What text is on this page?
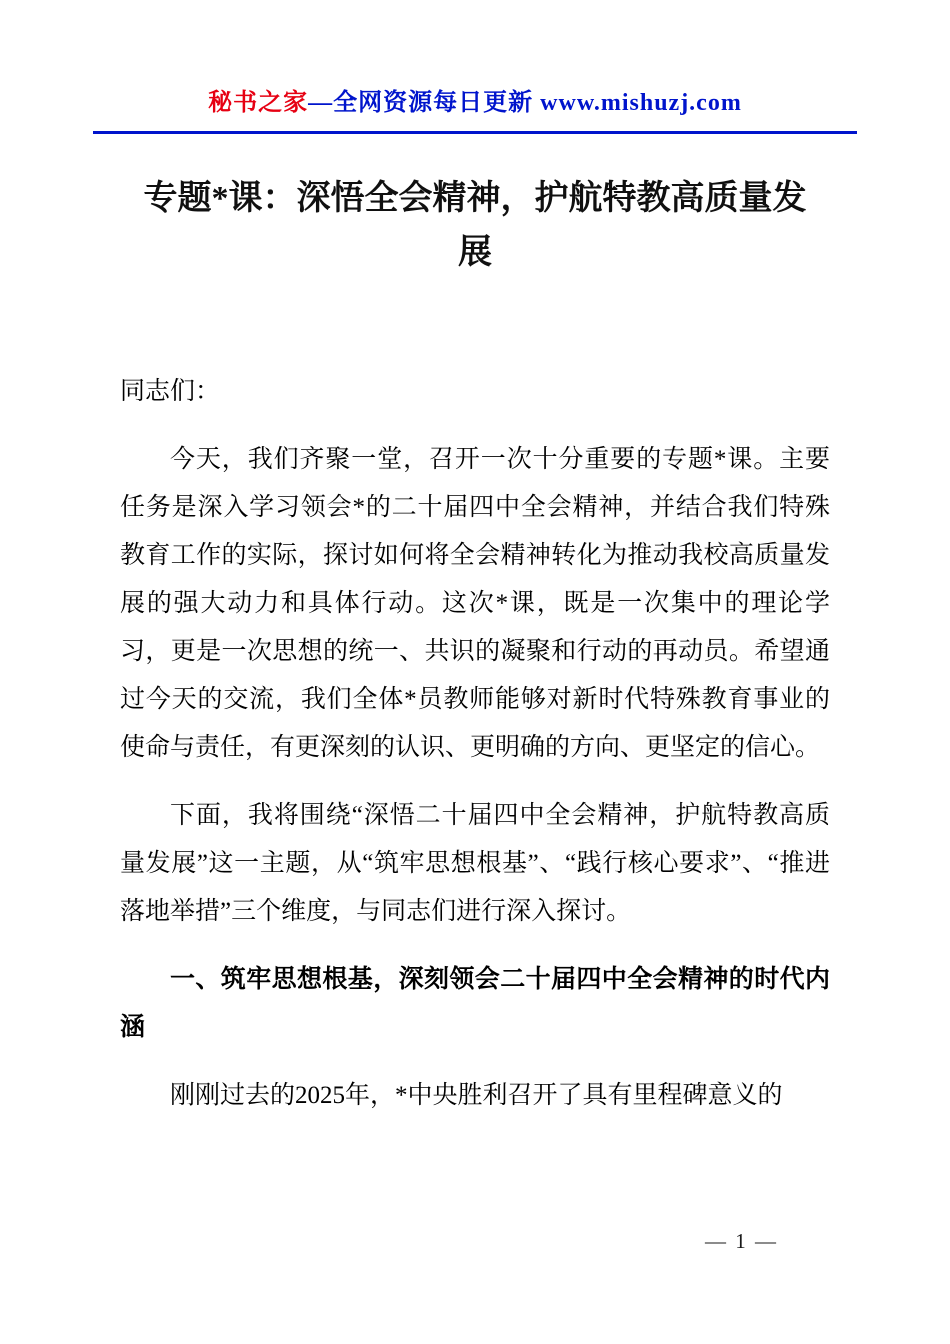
秘书之家—全网资源每日更新 www.mishuzj.com
专题*课：深悟全会精神，护航特教高质量发展

同志们：

今天，我们齐聚一堂，召开一次十分重要的专题*课。主要任务是深入学习领会*的二十届四中全会精神，并结合我们特殊教育工作的实际，探讨如何将全会精神转化为推动我校高质量发展的强大动力和具体行动。这次*课，既是一次集中的理论学习，更是一次思想的统一、共识的凝聚和行动的再动员。希望通过今天的交流，我们全体*员教师能够对新时代特殊教育事业的使命与责任，有更深刻的认识、更明确的方向、更坚定的信心。

下面，我将围绕“深悟二十届四中全会精神，护航特教高质量发展”这一主题，从“筑牢思想根基”、“践行核心要求”、“推进落地举措”三个维度，与同志们进行深入探讨。

一、筑牢思想根基，深刻领会二十届四中全会精神的时代内涵

刚刚过去的2025年，*中央胜利召开了具有里程碑意义的

— 1 —
